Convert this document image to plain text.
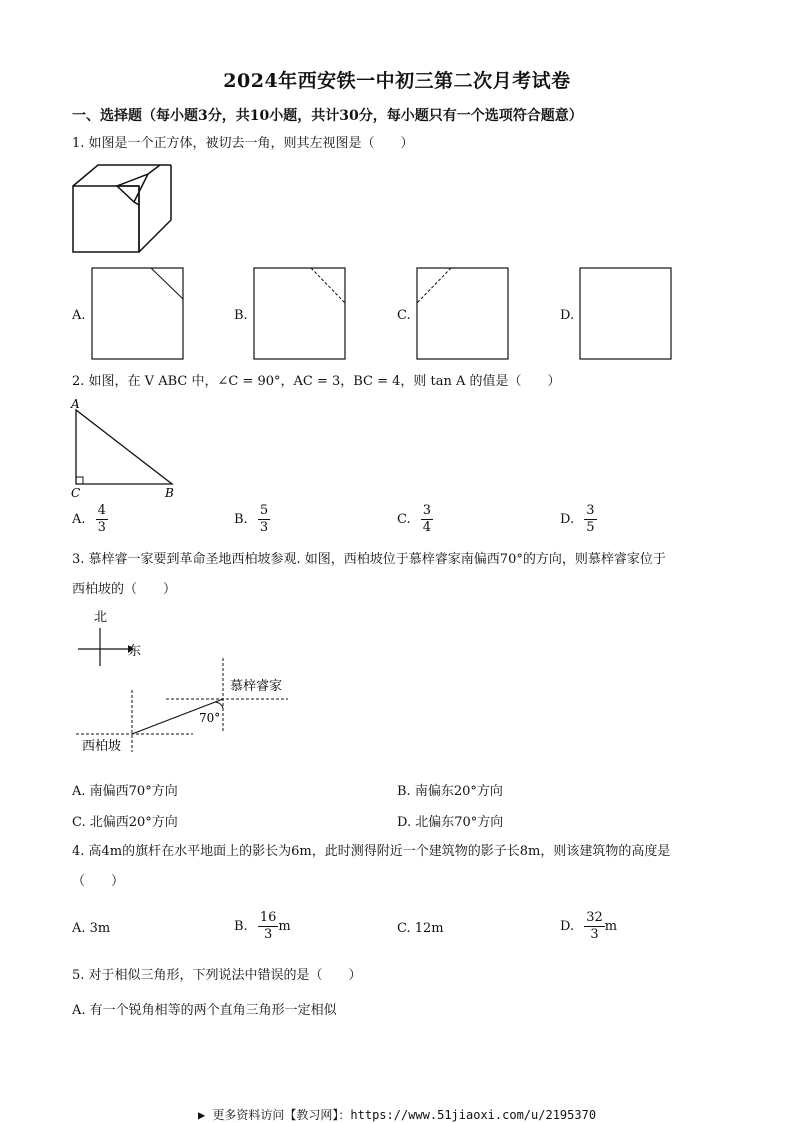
2024年西安铁一中初三第二次月考试卷
一、选择题（每小题3分，共10小题，共计30分，每小题只有一个选项符合题意）
1. 如图是一个正方体，被切去一角，则其左视图是（　　）
A.	B.	C.	D.
2. 如图，在 V ABC 中，∠C = 90°，AC = 3，BC = 4，则 tan A 的值是（　　）
A
C	B
A. $\frac{4}{3}$	B. $\frac{5}{3}$	C. $\frac{3}{4}$	D. $\frac{3}{5}$
3. 慕梓睿一家要到革命圣地西柏坡参观. 如图，西柏坡位于慕梓睿家南偏西70°的方向，则慕梓睿家位于
西柏坡的（　　）
北
东
慕梓睿家
西柏坡
70°
A. 南偏西70°方向	B. 南偏东20°方向
C. 北偏西20°方向	D. 北偏东70°方向
4. 高4m的旗杆在水平地面上的影长为6m，此时测得附近一个建筑物的影子长8m，则该建筑物的高度是
（　　）
A. 3m	B. $\frac{16}{3}$ m	C. 12m	D. $\frac{32}{3}$ m
5. 对于相似三角形，下列说法中错误的是（　　）
A. 有一个锐角相等的两个直角三角形一定相似
▶ 更多资料访问【教习网】：https://www.51jiaoxi.com/u/2195370
